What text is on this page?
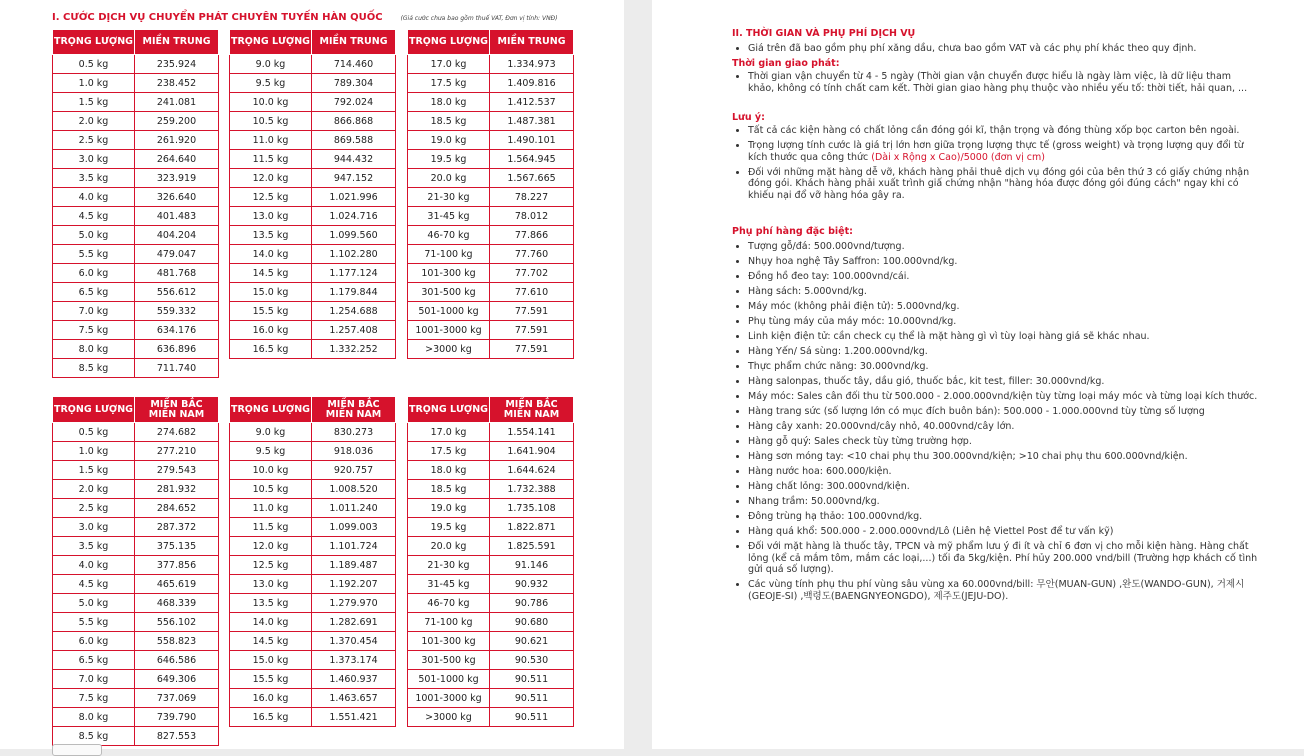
I. CƯỚC DỊCH VỤ CHUYỂN PHÁT CHUYÊN TUYẾN HÀN QUỐC	(Giá cước chưa bao gồm thuế VAT, Đơn vị tính: VNĐ)
TRỌNG LƯỢNG	MIỀN TRUNG
0.5 kg	235.924
1.0 kg	238.452
1.5 kg	241.081
2.0 kg	259.200
2.5 kg	261.920
3.0 kg	264.640
3.5 kg	323.919
4.0 kg	326.640
4.5 kg	401.483
5.0 kg	404.204
5.5 kg	479.047
6.0 kg	481.768
6.5 kg	556.612
7.0 kg	559.332
7.5 kg	634.176
8.0 kg	636.896
8.5 kg	711.740
TRỌNG LƯỢNG	MIỀN TRUNG
9.0 kg	714.460
9.5 kg	789.304
10.0 kg	792.024
10.5 kg	866.868
11.0 kg	869.588
11.5 kg	944.432
12.0 kg	947.152
12.5 kg	1.021.996
13.0 kg	1.024.716
13.5 kg	1.099.560
14.0 kg	1.102.280
14.5 kg	1.177.124
15.0 kg	1.179.844
15.5 kg	1.254.688
16.0 kg	1.257.408
16.5 kg	1.332.252

TRỌNG LƯỢNG	MIỀN TRUNG
17.0 kg	1.334.973
17.5 kg	1.409.816
18.0 kg	1.412.537
18.5 kg	1.487.381
19.0 kg	1.490.101
19.5 kg	1.564.945
20.0 kg	1.567.665
21-30 kg	78.227
31-45 kg	78.012
46-70 kg	77.866
71-100 kg	77.760
101-300 kg	77.702
301-500 kg	77.610
501-1000 kg	77.591
1001-3000 kg	77.591
>3000 kg	77.591

TRỌNG LƯỢNG	MIỀN BẮC
MIỀN NAM
0.5 kg	274.682
1.0 kg	277.210
1.5 kg	279.543
2.0 kg	281.932
2.5 kg	284.652
3.0 kg	287.372
3.5 kg	375.135
4.0 kg	377.856
4.5 kg	465.619
5.0 kg	468.339
5.5 kg	556.102
6.0 kg	558.823
6.5 kg	646.586
7.0 kg	649.306
7.5 kg	737.069
8.0 kg	739.790
8.5 kg	827.553
TRỌNG LƯỢNG	MIỀN BẮC
MIỀN NAM
9.0 kg	830.273
9.5 kg	918.036
10.0 kg	920.757
10.5 kg	1.008.520
11.0 kg	1.011.240
11.5 kg	1.099.003
12.0 kg	1.101.724
12.5 kg	1.189.487
13.0 kg	1.192.207
13.5 kg	1.279.970
14.0 kg	1.282.691
14.5 kg	1.370.454
15.0 kg	1.373.174
15.5 kg	1.460.937
16.0 kg	1.463.657
16.5 kg	1.551.421

TRỌNG LƯỢNG	MIỀN BẮC
MIỀN NAM
17.0 kg	1.554.141
17.5 kg	1.641.904
18.0 kg	1.644.624
18.5 kg	1.732.388
19.0 kg	1.735.108
19.5 kg	1.822.871
20.0 kg	1.825.591
21-30 kg	91.146
31-45 kg	90.932
46-70 kg	90.786
71-100 kg	90.680
101-300 kg	90.621
301-500 kg	90.530
501-1000 kg	90.511
1001-3000 kg	90.511
>3000 kg	90.511

II. THỜI GIAN VÀ PHỤ PHÍ DỊCH VỤ
• Giá trên đã bao gồm phụ phí xăng dầu, chưa bao gồm VAT và các phụ phí khác theo quy định.
Thời gian giao phát:
• Thời gian vận chuyển từ 4 - 5 ngày (Thời gian vận chuyển được hiểu là ngày làm việc, là dữ liệu tham khảo, không có tính chất cam kết. Thời gian giao hàng phụ thuộc vào nhiều yếu tố: thời tiết, hải quan, ...
Lưu ý:
• Tất cả các kiện hàng có chất lỏng cần đóng gói kĩ, thận trọng và đóng thùng xốp bọc carton bên ngoài.
• Trọng lượng tính cước là giá trị lớn hơn giữa trọng lượng thực tế (gross weight) và trọng lượng quy đổi từ kích thước qua công thức (Dài x Rộng x Cao)/5000 (đơn vị cm)
• Đối với những mặt hàng dễ vỡ, khách hàng phải thuê dịch vụ đóng gói của bên thứ 3 có giấy chứng nhận đóng gói. Khách hàng phải xuất trình giấ chứng nhận "hàng hóa được đóng gói đúng cách" ngay khi có khiếu nại đổ vỡ hàng hóa gây ra.
Phụ phí hàng đặc biệt:
• Tượng gỗ/đá: 500.000vnd/tượng.
• Nhụy hoa nghệ Tây Saffron: 100.000vnd/kg.
• Đồng hồ đeo tay: 100.000vnd/cái.
• Hàng sách: 5.000vnd/kg.
• Máy móc (không phải điện tử): 5.000vnd/kg.
• Phụ tùng máy của máy móc: 10.000vnd/kg.
• Linh kiện điện tử: cần check cụ thể là mặt hàng gì vì tùy loại hàng giá sẽ khác nhau.
• Hàng Yến/ Sá sùng: 1.200.000vnd/kg.
• Thực phẩm chức năng: 30.000vnd/kg.
• Hàng salonpas, thuốc tây, dầu gió, thuốc bắc, kit test, filler: 30.000vnd/kg.
• Máy móc: Sales cân đối thu từ 500.000 - 2.000.000vnd/kiện tùy từng loại máy móc và từng loại kích thước.
• Hàng trang sức (số lượng lớn có mục đích buôn bán): 500.000 - 1.000.000vnd tùy từng số lượng
• Hàng cây xanh: 20.000vnd/cây nhỏ, 40.000vnd/cây lớn.
• Hàng gỗ quý: Sales check tùy từng trường hợp.
• Hàng sơn móng tay: <10 chai phụ thu 300.000vnd/kiện; >10 chai phụ thu 600.000vnd/kiện.
• Hàng nước hoa: 600.000/kiện.
• Hàng chất lỏng: 300.000vnd/kiện.
• Nhang trầm: 50.000vnd/kg.
• Đông trùng hạ thảo: 100.000vnd/kg.
• Hàng quá khổ: 500.000 - 2.000.000vnd/Lô (Liên hệ Viettel Post để tư vấn kỹ)
• Đối với mặt hàng là thuốc tây, TPCN và mỹ phẩm lưu ý đi ít và chỉ 6 đơn vị cho mỗi kiện hàng. Hàng chất lỏng (kể cả mắm tôm, mắm các loại,...) tối đa 5kg/kiện. Phí hủy 200.000 vnd/bill (Trường hợp khách cố tình gửi quá số lượng).
• Các vùng tính phụ thu phí vùng sâu vùng xa 60.000vnd/bill: 무안(MUAN-GUN) ,완도(WANDO-GUN), 거제시(GEOJE-SI) ,백령도(BAENGNYEONGDO), 제주도(JEJU-DO).
